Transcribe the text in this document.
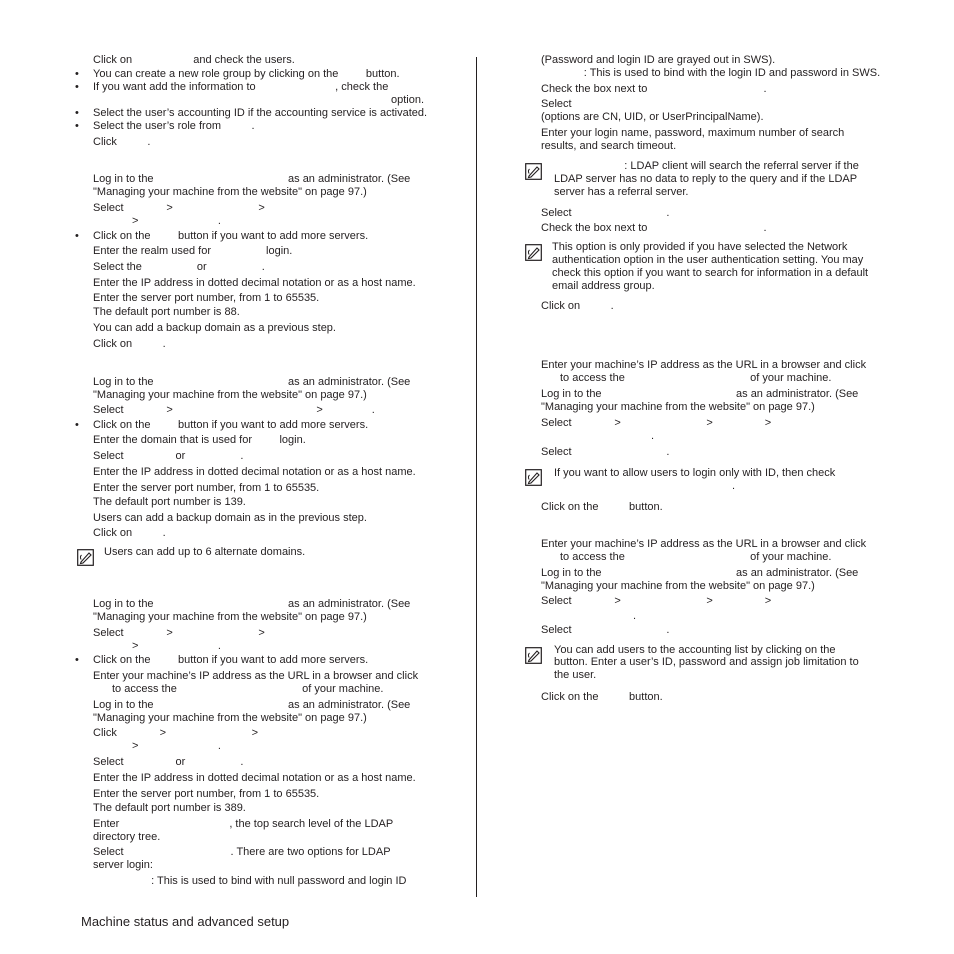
Click on                    and check the users.
• You can create a new role group by clicking on the         button.
• If you want add the information to                          , check the
option.
• Select the user’s accounting ID if the accounting service is activated.
• Select the user’s role from          .
Click          .
Log in to the                                            as an administrator. (See
"Managing your machine from the website" on page 97.)
Select              >                            >
>                          .
• Click on the         button if you want to add more servers.
Enter the realm used for                  login.
Select the                  or                  .
Enter the IP address in dotted decimal notation or as a host name.
Enter the server port number, from 1 to 65535.
The default port number is 88.
You can add a backup domain as a previous step.
Click on          .
Log in to the                                            as an administrator. (See
"Managing your machine from the website" on page 97.)
Select              >                                               >                .
• Click on the         button if you want to add more servers.
Enter the domain that is used for         login.
Select                 or                  .
Enter the IP address in dotted decimal notation or as a host name.
Enter the server port number, from 1 to 65535.
The default port number is 139.
Users can add a backup domain as in the previous step.
Click on          .
Users can add up to 6 alternate domains.
Log in to the                                            as an administrator. (See
"Managing your machine from the website" on page 97.)
Select              >                            >
>                          .
• Click on the         button if you want to add more servers.
Enter your machine’s IP address as the URL in a browser and click
to access the                                         of your machine.
Log in to the                                            as an administrator. (See
"Managing your machine from the website" on page 97.)
Click              >                            >
>                          .
Select                 or                  .
Enter the IP address in dotted decimal notation or as a host name.
Enter the server port number, from 1 to 65535.
The default port number is 389.
Enter                                    , the top search level of the LDAP
directory tree.
Select                                   . There are two options for LDAP
server login:
: This is used to bind with null password and login ID
(Password and login ID are grayed out in SWS).
: This is used to bind with the login ID and password in SWS.
Check the box next to                                      .
Select
(options are CN, UID, or UserPrincipalName).
Enter your login name, password, maximum number of search
results, and search timeout.
: LDAP client will search the referral server if the
LDAP server has no data to reply to the query and if the LDAP
server has a referral server.
Select                               .
Check the box next to                                      .
This option is only provided if you have selected the Network
authentication option in the user authentication setting. You may
check this option if you want to search for information in a default
email address group.
Click on          .
Enter your machine’s IP address as the URL in a browser and click
to access the                                         of your machine.
Log in to the                                            as an administrator. (See
"Managing your machine from the website" on page 97.)
Select              >                            >                 >
.
Select                               .
If you want to allow users to login only with ID, then check
.
Click on the          button.
Enter your machine’s IP address as the URL in a browser and click
to access the                                         of your machine.
Log in to the                                            as an administrator. (See
"Managing your machine from the website" on page 97.)
Select              >                            >                 >
.
Select                               .
You can add users to the accounting list by clicking on the
button. Enter a user’s ID, password and assign job limitation to
the user.
Click on the          button.
Machine status and advanced setup
